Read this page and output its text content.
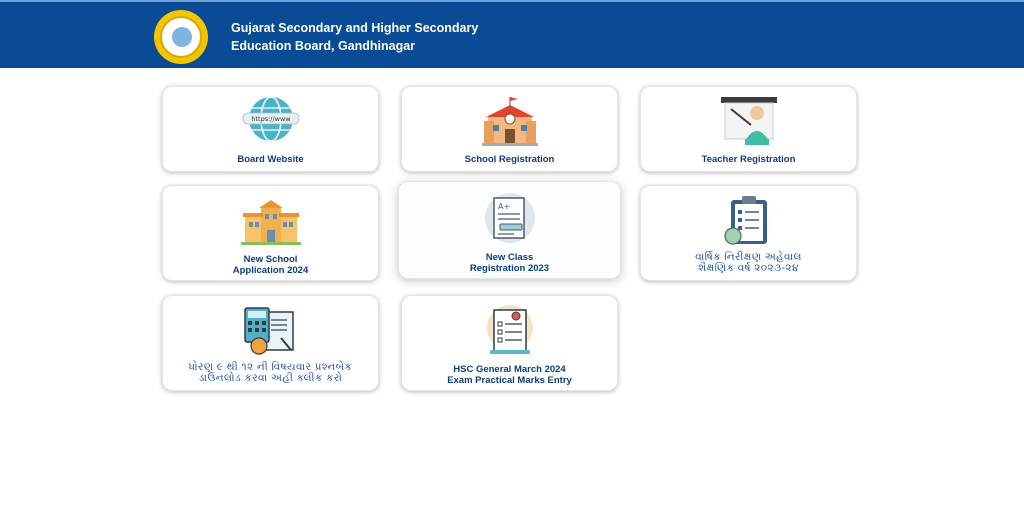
Gujarat Secondary and Higher Secondary
Education Board, Gandhinagar
https://www
Board Website	School Registration	Teacher Registration
New School
Application 2024
A+
New Class
Registration 2023
વાર્ષિક નિરીક્ષણ અહેવાલ
શૈક્ષણિક વર્ષ ૨૦૨૩-૨૪
ધોરણ ૯ થી ૧૨ ની વિષયવાર પ્રશ્નબેંક
ડાઉનલોડ કરવા અહીં ક્લીક કરો
HSC General March 2024
Exam Practical Marks Entry
